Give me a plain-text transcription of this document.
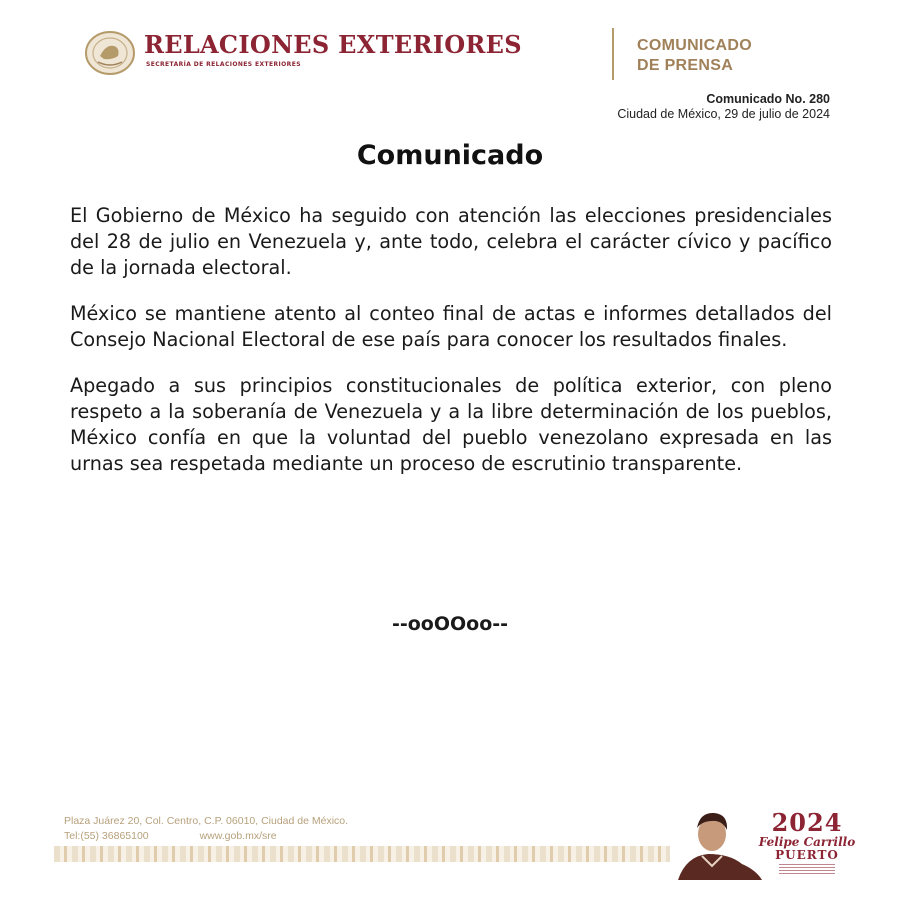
RELACIONES EXTERIORES
SECRETARÍA DE RELACIONES EXTERIORES
COMUNICADO
DE PRENSA
Comunicado No. 280
Ciudad de México, 29 de julio de 2024
Comunicado

El Gobierno de México ha seguido con atención las elecciones presidenciales del 28 de julio en Venezuela y, ante todo, celebra el carácter cívico y pacífico de la jornada electoral.

México se mantiene atento al conteo final de actas e informes detallados del Consejo Nacional Electoral de ese país para conocer los resultados finales.

Apegado a sus principios constitucionales de política exterior, con pleno respeto a la soberanía de Venezuela y a la libre determinación de los pueblos, México confía en que la voluntad del pueblo venezolano expresada en las urnas sea respetada mediante un proceso de escrutinio transparente.

--ooOOoo--
Plaza Juárez 20, Col. Centro, C.P. 06010, Ciudad de México.
Tel:(55) 36865100	www.gob.mx/sre	2024
Felipe Carrillo
PUERTO
